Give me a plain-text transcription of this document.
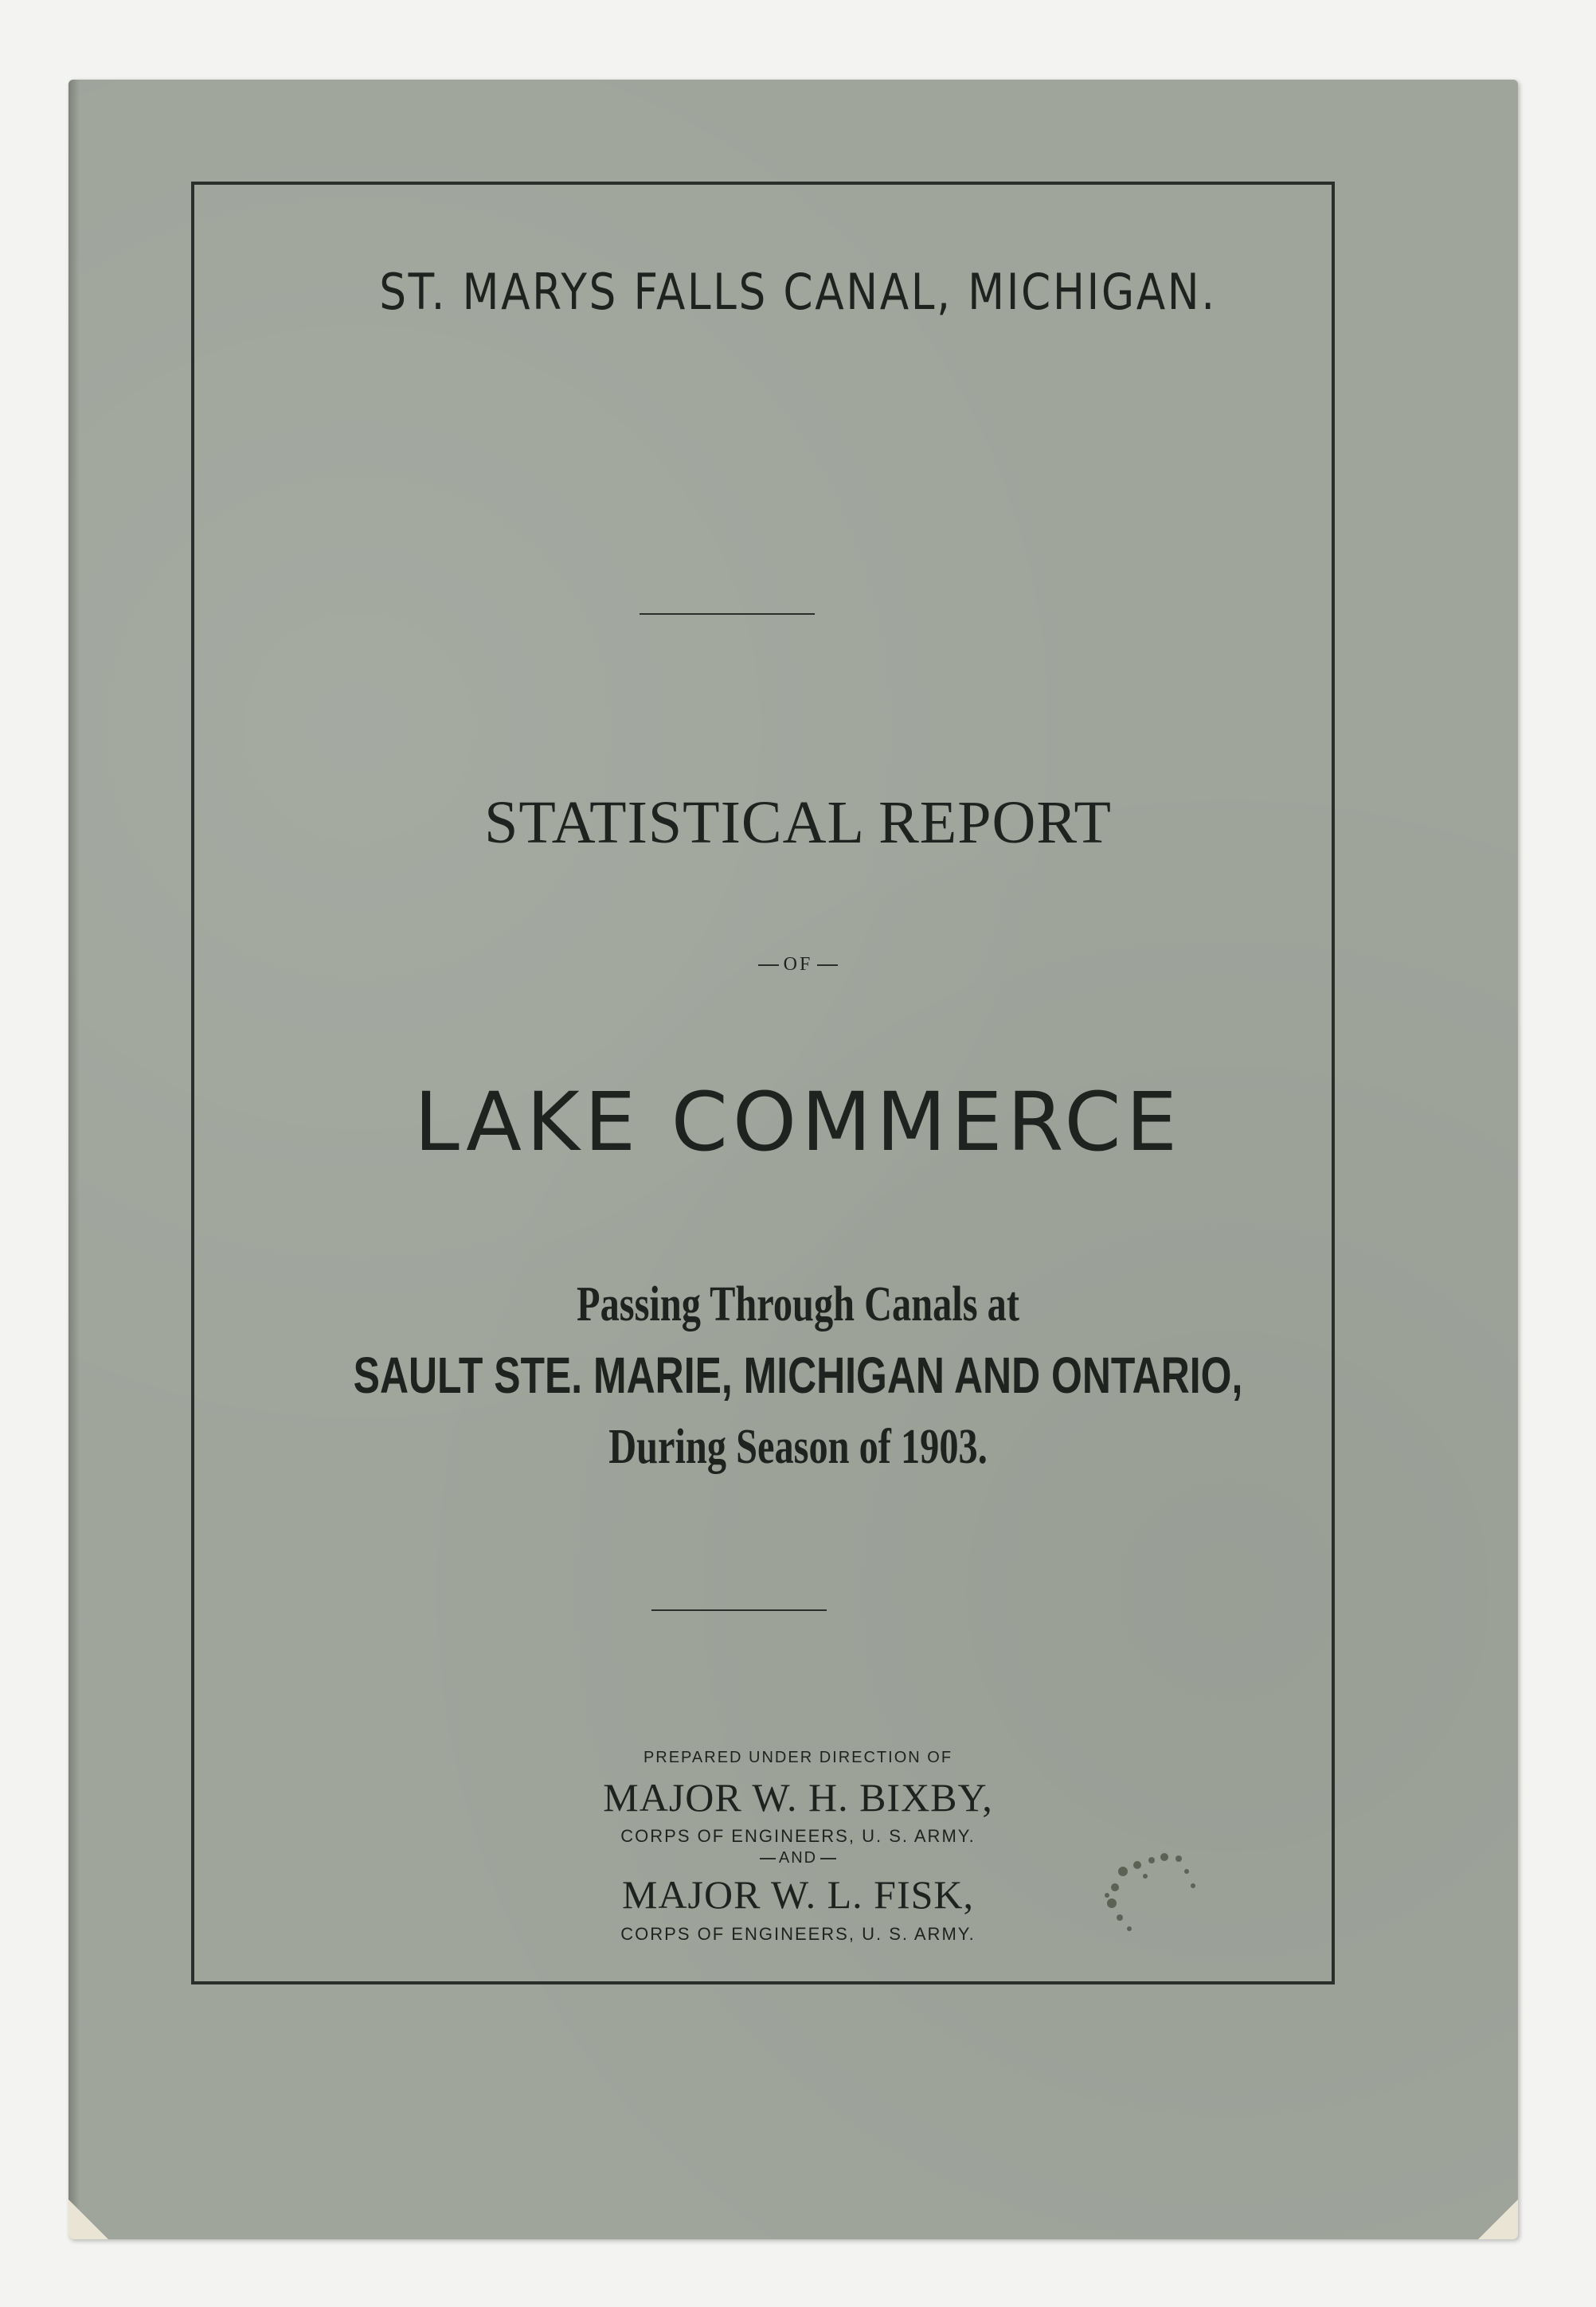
ST. MARYS FALLS CANAL, MICHIGAN.
STATISTICAL REPORT
OF
LAKE COMMERCE
Passing Through Canals at
SAULT STE. MARIE, MICHIGAN AND ONTARIO,
During Season of 1903.
PREPARED UNDER DIRECTION OF
MAJOR W. H. BIXBY,
CORPS OF ENGINEERS, U. S. ARMY.
AND
MAJOR W. L. FISK,
CORPS OF ENGINEERS, U. S. ARMY.
